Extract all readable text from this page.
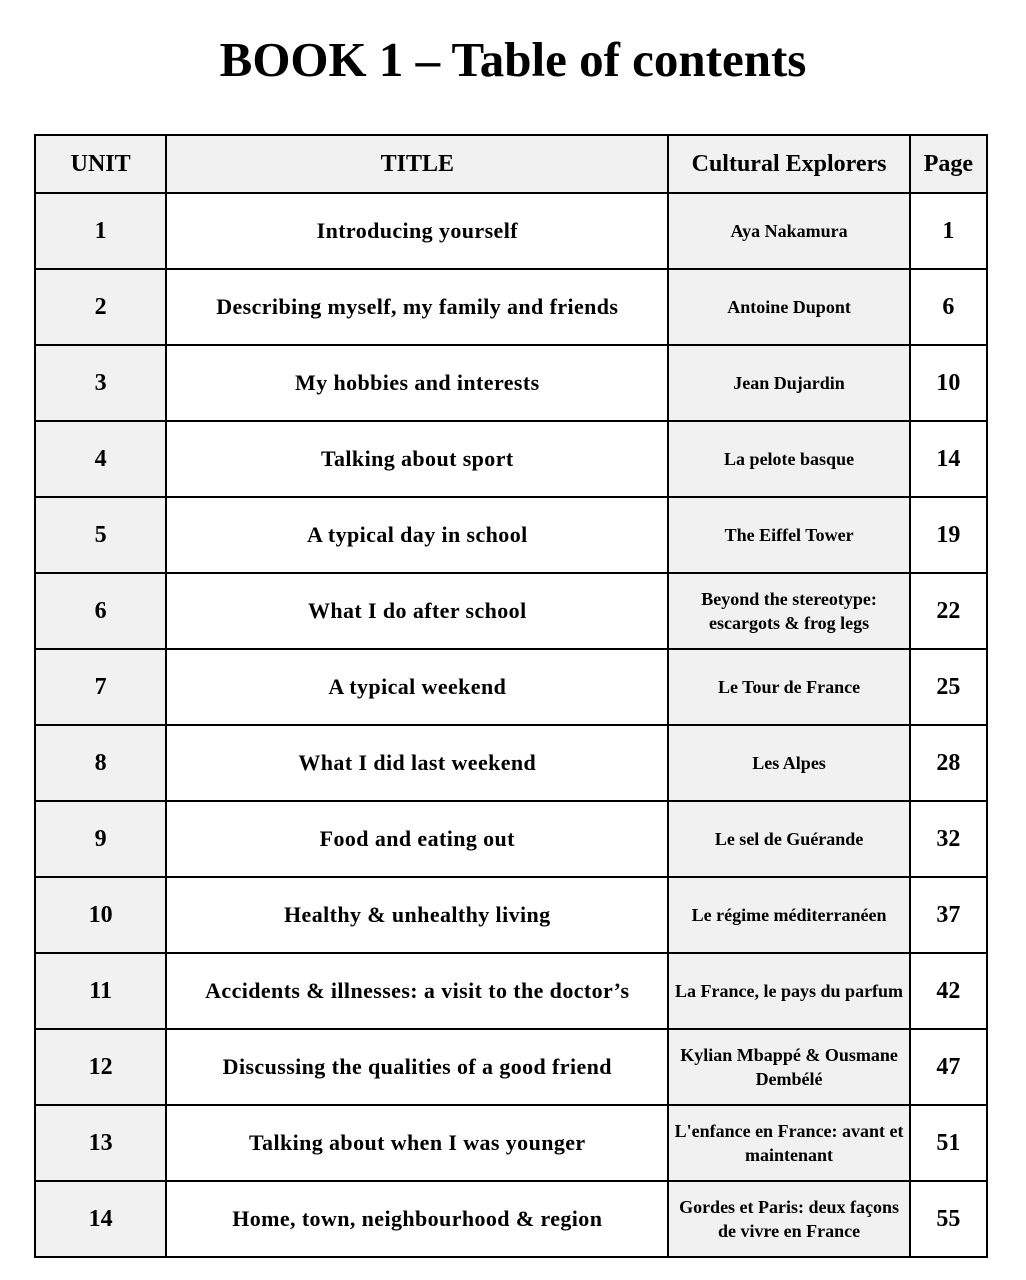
BOOK 1 – Table of contents
UNIT	TITLE	Cultural Explorers	Page
1	Introducing yourself	Aya Nakamura	1
2	Describing myself, my family and friends	Antoine Dupont	6
3	My hobbies and interests	Jean Dujardin	10
4	Talking about sport	La pelote basque	14
5	A typical day in school	The Eiffel Tower	19
6	What I do after school	Beyond the stereotype: escargots & frog legs	22
7	A typical weekend	Le Tour de France	25
8	What I did last weekend	Les Alpes	28
9	Food and eating out	Le sel de Guérande	32
10	Healthy & unhealthy living	Le régime méditerranéen	37
11	Accidents & illnesses: a visit to the doctor’s	La France, le pays du parfum	42
12	Discussing the qualities of a good friend	Kylian Mbappé & Ousmane Dembélé	47
13	Talking about when I was younger	L'enfance en France: avant et maintenant	51
14	Home, town, neighbourhood & region	Gordes et Paris: deux façons de vivre en France	55
